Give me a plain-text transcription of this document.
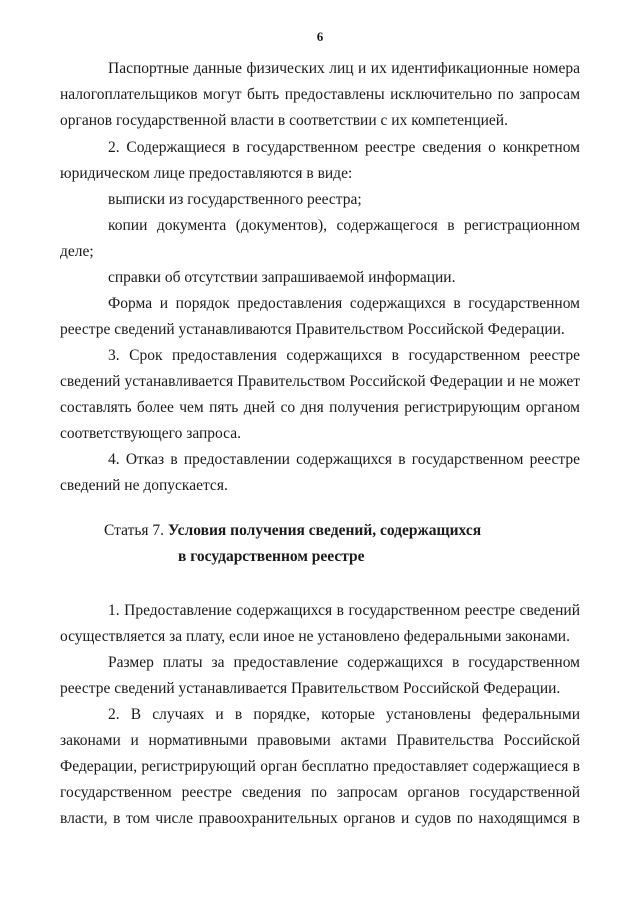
6
Паспортные данные физических лиц и их идентификационные номера
налогоплательщиков могут быть предоставлены исключительно по запросам
органов государственной власти в соответствии с их компетенцией.
2. Содержащиеся в государственном реестре сведения о конкретном
юридическом лице предоставляются в виде:
выписки из государственного реестра;
копии документа (документов), содержащегося в регистрационном
деле;
справки об отсутствии запрашиваемой информации.
Форма и порядок предоставления содержащихся в государственном
реестре сведений устанавливаются Правительством Российской Федерации.
3. Срок предоставления содержащихся в государственном реестре
сведений устанавливается Правительством Российской Федерации и не может
составлять более чем пять дней со дня получения регистрирующим органом
соответствующего запроса.
4. Отказ в предоставлении содержащихся в государственном реестре
сведений не допускается.
Статья 7. Условия получения сведений, содержащихся
в государственном реестре
1. Предоставление содержащихся в государственном реестре сведений
осуществляется за плату, если иное не установлено федеральными законами.
Размер платы за предоставление содержащихся в государственном
реестре сведений устанавливается Правительством Российской Федерации.
2. В случаях и в порядке, которые установлены федеральными
законами и нормативными правовыми актами Правительства Российской
Федерации, регистрирующий орган бесплатно предоставляет содержащиеся в
государственном реестре сведения по запросам органов государственной
власти, в том числе правоохранительных органов и судов по находящимся в
